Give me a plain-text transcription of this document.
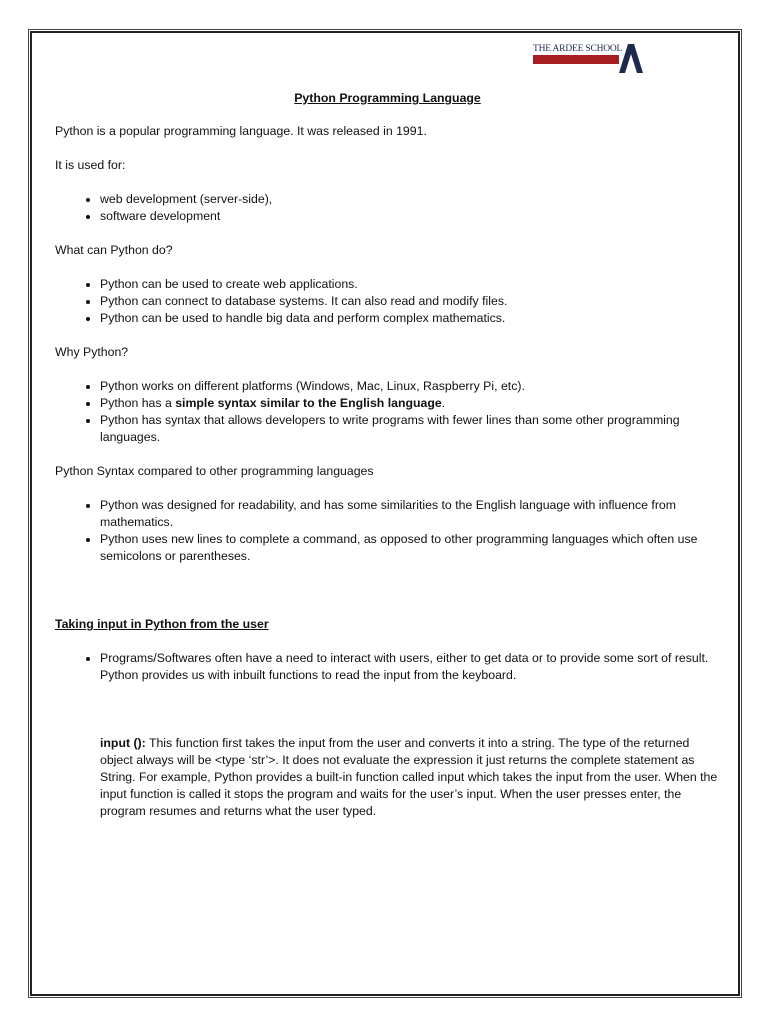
THE ARDEE SCHOOL
NEW DELHI

Python Programming Language

Python is a popular programming language. It was released in 1991.

It is used for:

• web development (server-side),
• software development

What can Python do?

• Python can be used to create web applications.
• Python can connect to database systems. It can also read and modify files.
• Python can be used to handle big data and perform complex mathematics.

Why Python?

• Python works on different platforms (Windows, Mac, Linux, Raspberry Pi, etc).
• Python has a simple syntax similar to the English language.
• Python has syntax that allows developers to write programs with fewer lines than some other programming languages.

Python Syntax compared to other programming languages

• Python was designed for readability, and has some similarities to the English language with influence from mathematics.
• Python uses new lines to complete a command, as opposed to other programming languages which often use semicolons or parentheses.

Taking input in Python from the user

• Programs/Softwares often have a need to interact with users, either to get data or to provide some sort of result. Python provides us with inbuilt functions to read the input from the keyboard.

input (): This function first takes the input from the user and converts it into a string. The type of the returned object always will be <type ‘str’>. It does not evaluate the expression it just returns the complete statement as String. For example, Python provides a built-in function called input which takes the input from the user. When the input function is called it stops the program and waits for the user’s input. When the user presses enter, the program resumes and returns what the user typed.
